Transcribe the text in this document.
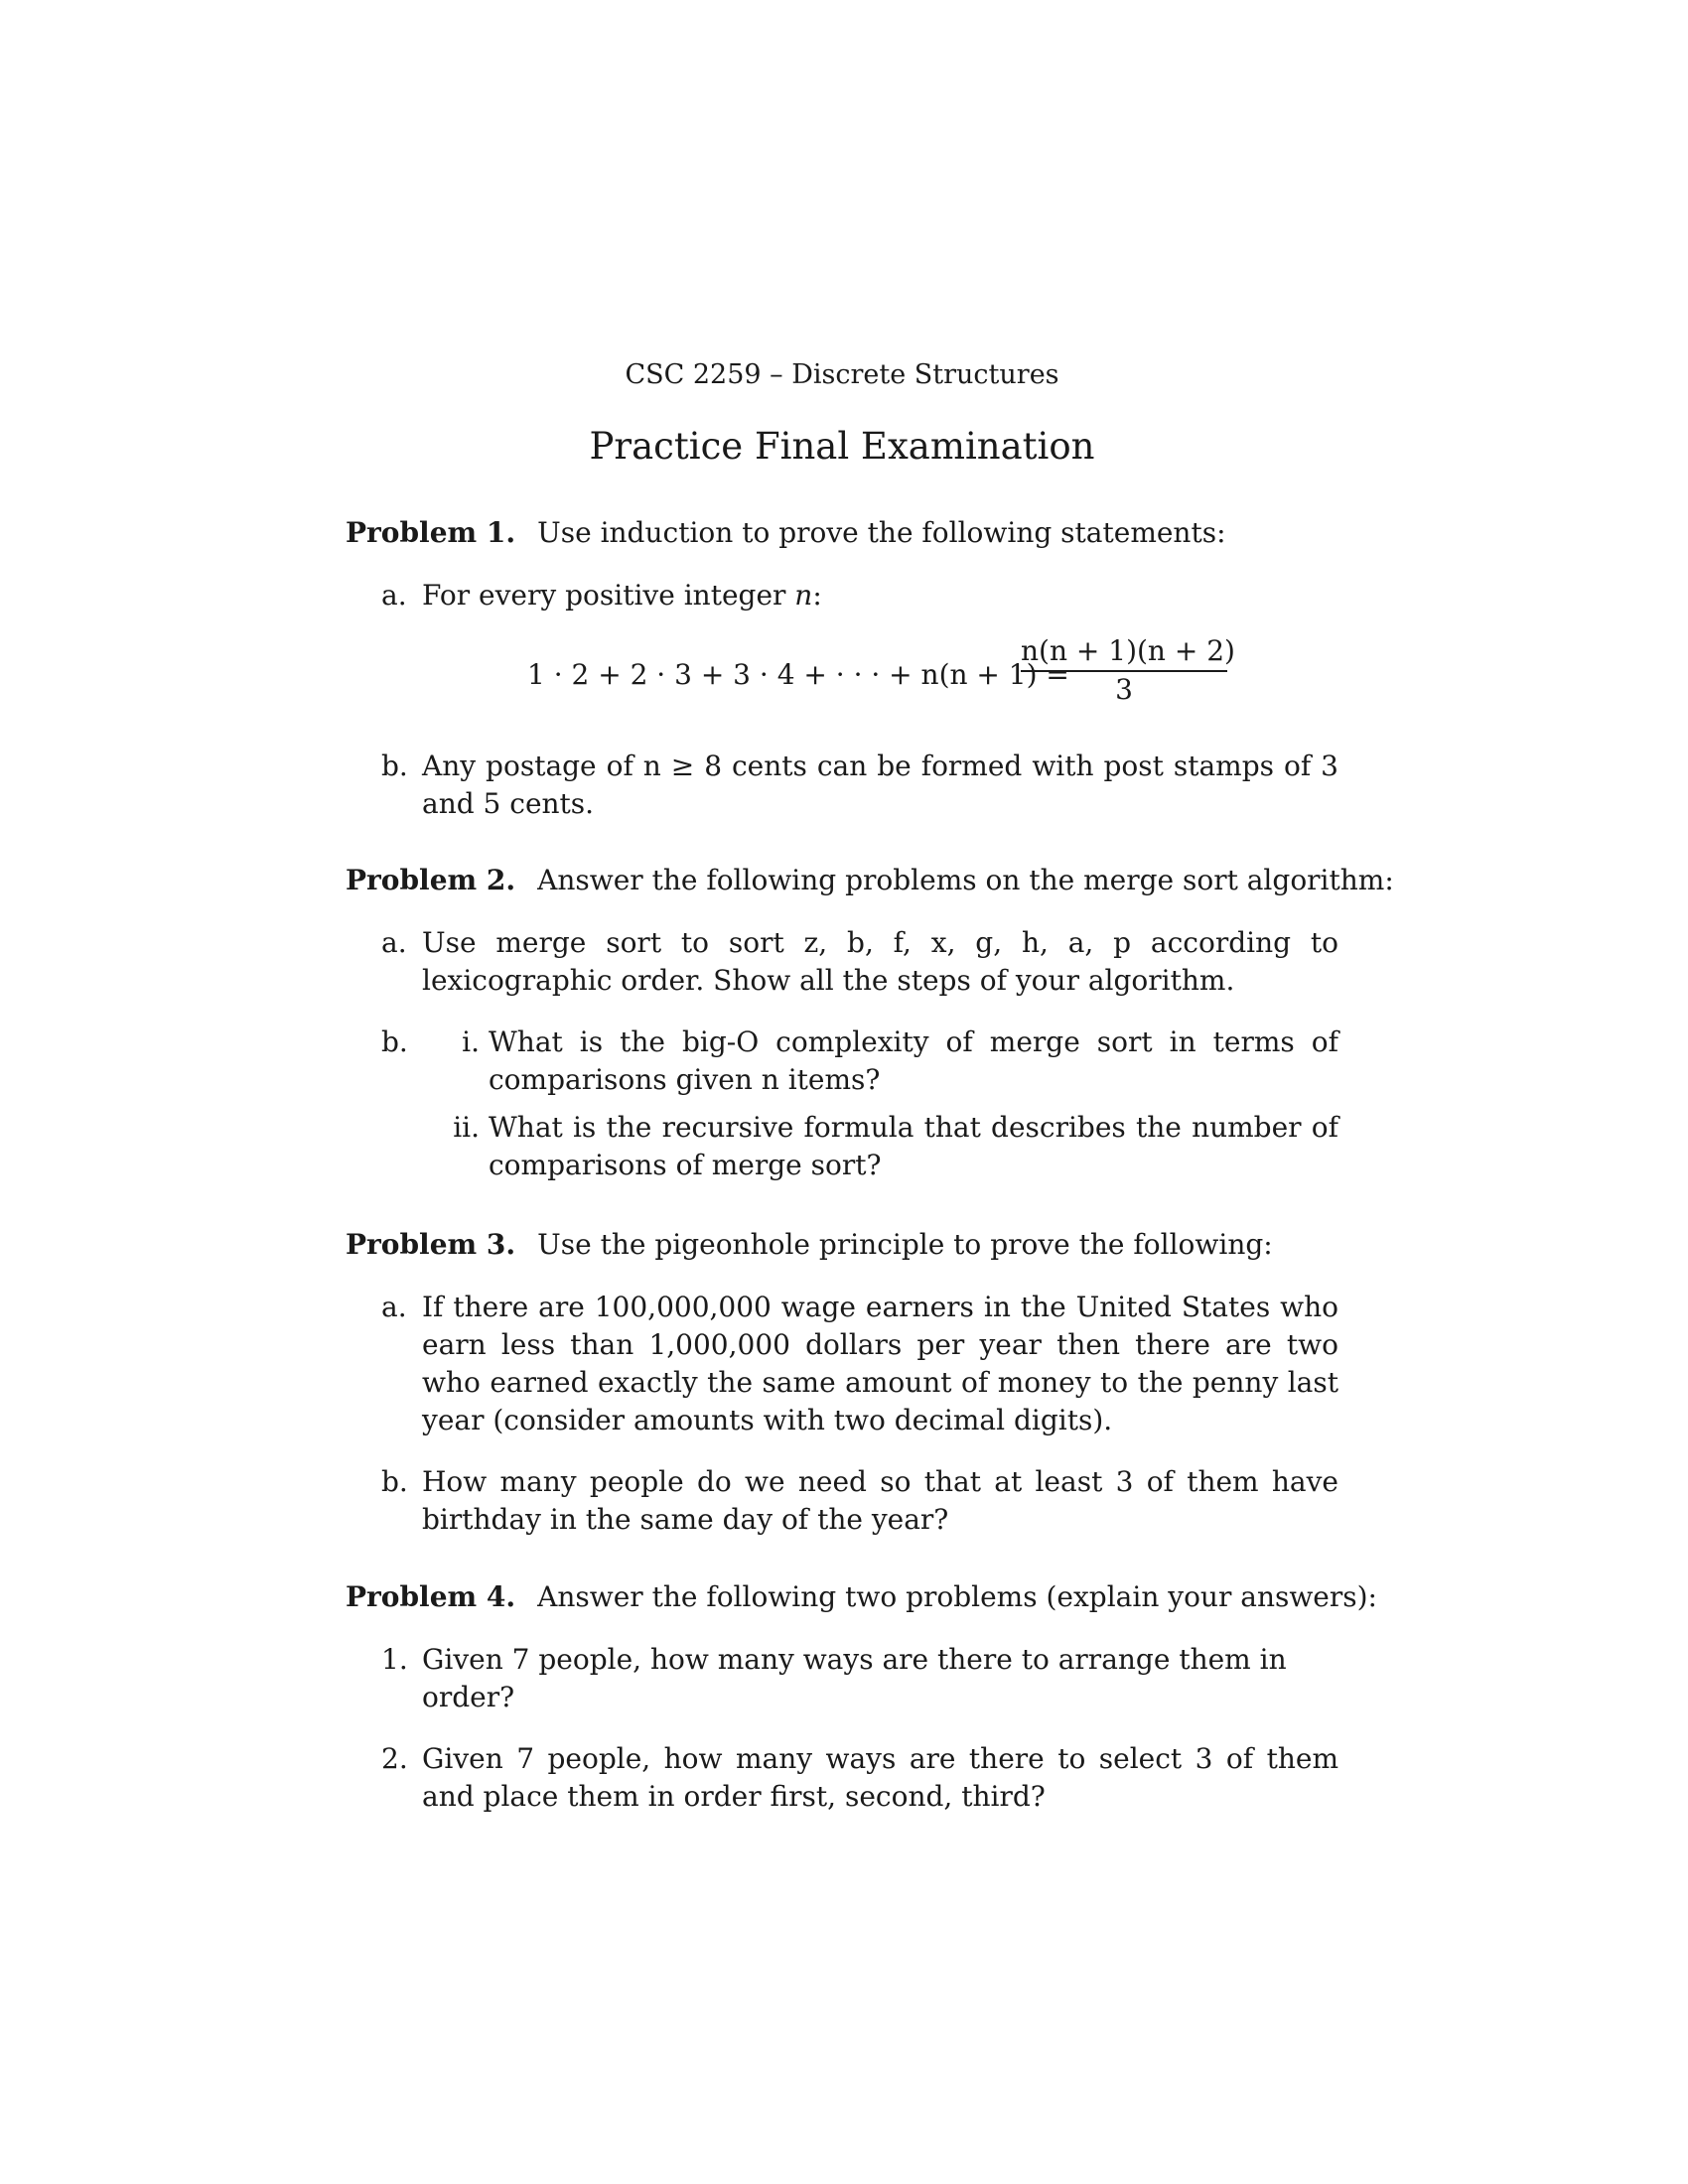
CSC 2259 – Discrete Structures
Practice Final Examination
Problem 1. Use induction to prove the following statements:
a. For every positive integer n:
1 · 2 + 2 · 3 + 3 · 4 + · · · + n(n + 1) =
$\frac{n(n + 1)(n + 2)}{3}$
b. Any postage of n ≥ 8 cents can be formed with post stamps of 3 and 5 cents.
Problem 2. Answer the following problems on the merge sort algorithm:
a. Use merge sort to sort z, b, f, x, g, h, a, p according to lexicographic order. Show all the steps of your algorithm.
b. i. What is the big-O complexity of merge sort in terms of comparisons given n items?
ii. What is the recursive formula that describes the number of comparisons of merge sort?
Problem 3. Use the pigeonhole principle to prove the following:
a. If there are 100,000,000 wage earners in the United States who earn less than 1,000,000 dollars per year then there are two who earned exactly the same amount of money to the penny last year (consider amounts with two decimal digits).
b. How many people do we need so that at least 3 of them have birthday in the same day of the year?
Problem 4. Answer the following two problems (explain your answers):
1. Given 7 people, how many ways are there to arrange them in order?
2. Given 7 people, how many ways are there to select 3 of them and place them in order first, second, third?
